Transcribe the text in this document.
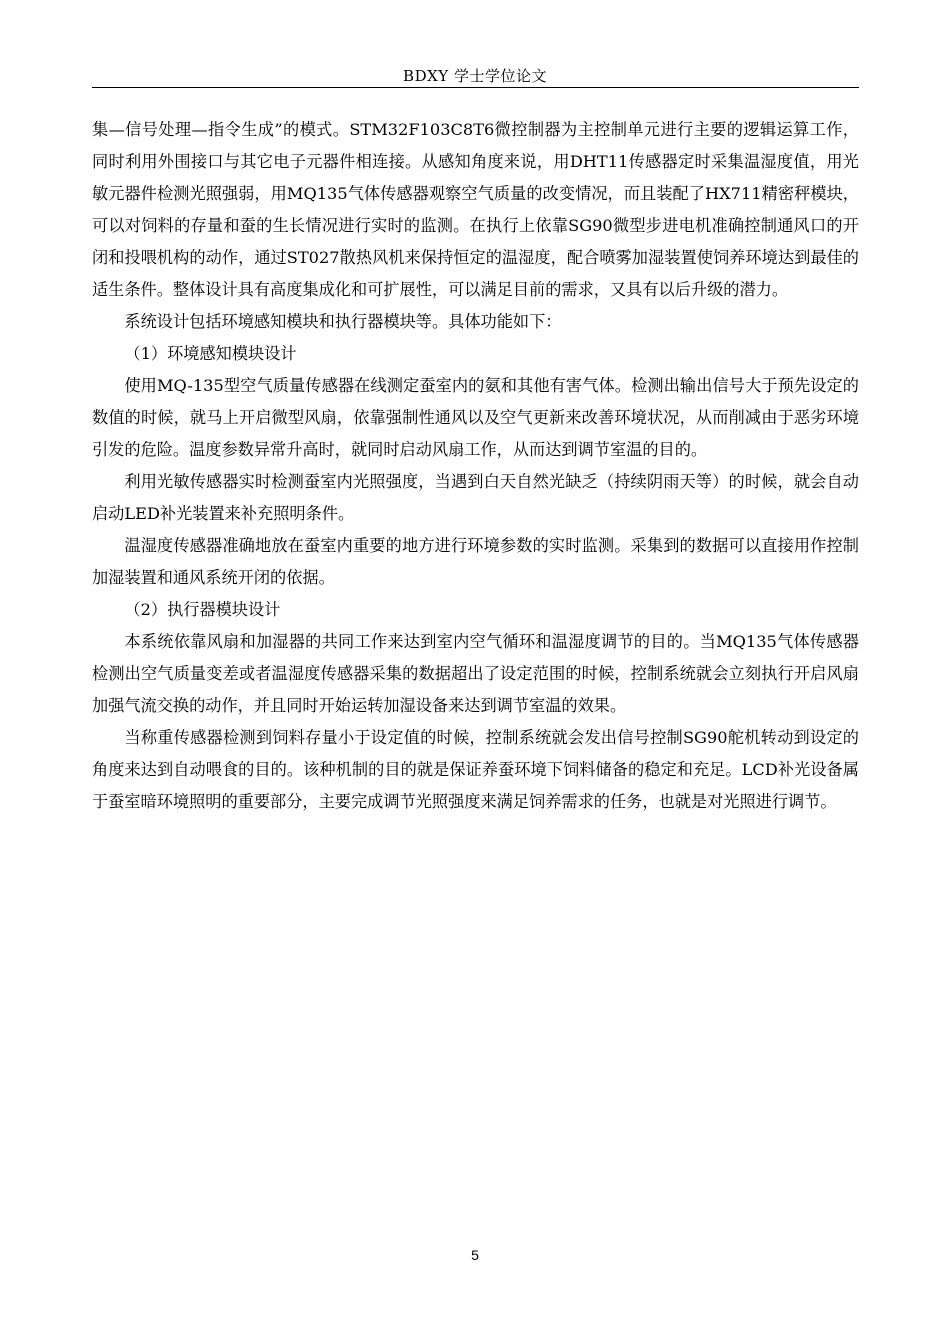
BDXY 学士学位论文

集—信号处理—指令生成”的模式。STM32F103C8T6微控制器为主控制单元进行主要的逻辑运算工作，同时利用外围接口与其它电子元器件相连接。从感知角度来说，用DHT11传感器定时采集温湿度值，用光敏元器件检测光照强弱，用MQ135气体传感器观察空气质量的改变情况，而且装配了HX711精密秤模块，可以对饲料的存量和蚕的生长情况进行实时的监测。在执行上依靠SG90微型步进电机准确控制通风口的开闭和投喂机构的动作，通过ST027散热风机来保持恒定的温湿度，配合喷雾加湿装置使饲养环境达到最佳的适生条件。整体设计具有高度集成化和可扩展性，可以满足目前的需求，又具有以后升级的潜力。

系统设计包括环境感知模块和执行器模块等。具体功能如下：

（1）环境感知模块设计

使用MQ-135型空气质量传感器在线测定蚕室内的氨和其他有害气体。检测出输出信号大于预先设定的数值的时候，就马上开启微型风扇，依靠强制性通风以及空气更新来改善环境状况，从而削减由于恶劣环境引发的危险。温度参数异常升高时，就同时启动风扇工作，从而达到调节室温的目的。

利用光敏传感器实时检测蚕室内光照强度，当遇到白天自然光缺乏（持续阴雨天等）的时候，就会自动启动LED补光装置来补充照明条件。

温湿度传感器准确地放在蚕室内重要的地方进行环境参数的实时监测。采集到的数据可以直接用作控制加湿装置和通风系统开闭的依据。

（2）执行器模块设计

本系统依靠风扇和加湿器的共同工作来达到室内空气循环和温湿度调节的目的。当MQ135气体传感器检测出空气质量变差或者温湿度传感器采集的数据超出了设定范围的时候，控制系统就会立刻执行开启风扇加强气流交换的动作，并且同时开始运转加湿设备来达到调节室温的效果。

当称重传感器检测到饲料存量小于设定值的时候，控制系统就会发出信号控制SG90舵机转动到设定的角度来达到自动喂食的目的。该种机制的目的就是保证养蚕环境下饲料储备的稳定和充足。LCD补光设备属于蚕室暗环境照明的重要部分，主要完成调节光照强度来满足饲养需求的任务，也就是对光照进行调节。

5
